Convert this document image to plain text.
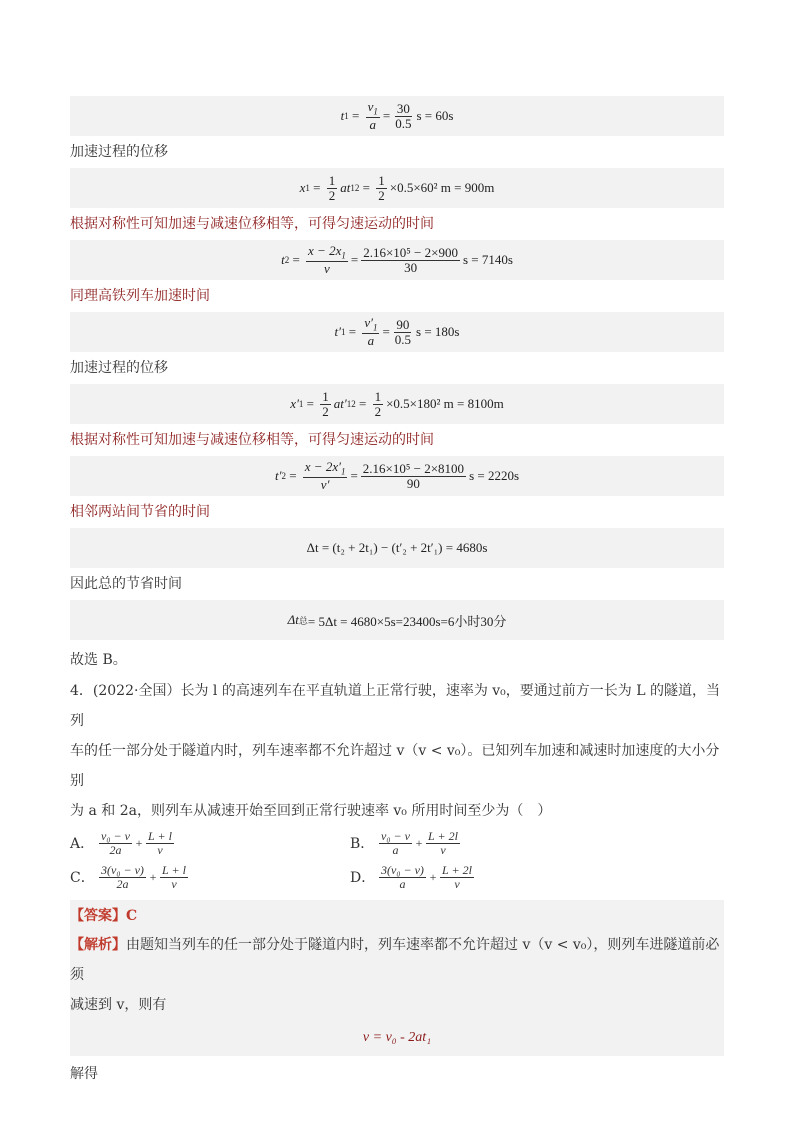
t $1 = \frac{v_1}{a} = \frac{30}{0.5}$ s = 60s
加速过程的位移
x $1 = \frac{1}{2}$ at 1 $2 = \frac{1}{2} \times 0.5\times 60^2$ m = 900m
根据对称性可知加速与减速位移相等，可得匀速运动的时间
t $2 = \frac{x - 2x_1}{v} = \frac{\text{2.16×10⁵ − 2×900}}{30}$ s = 7140s
同理高铁列车加速时间
t′ $1 = \frac{v'_1}{a} = \frac{90}{0.5}$ s = 180s
加速过程的位移
x′ $1 = \frac{1}{2} at'$ 1 $2 = \frac{1}{2} \times 0.5\times 180^2$ m = 8100m
根据对称性可知加速与减速位移相等，可得匀速运动的时间
t′ $2 = \frac{x - 2x'_1}{v'} = \frac{\text{2.16×10⁵ − 2×8100}}{90}$ s = 2220s
相邻两站间节省的时间
Δt = (t₂ + 2t₁) − (t′₂ + 2t′₁) = 4680s
因此总的节省时间
Δt 总 = 5Δt = 4680×5s=23400s=6小时30分
故选 B。
4．(2022·全国）长为 l 的高速列车在平直轨道上正常行驶，速率为 v₀，要通过前方一长为 L 的隧道，当列
车的任一部分处于隧道内时，列车速率都不允许超过 v（v < v₀）。已知列车加速和减速时加速度的大小分别
为 a 和 2a，则列车从减速开始至回到正常行驶速率 v₀ 所用时间至少为（　）
A． $\frac{\text{v₀ − v}}{2a} + \frac{L + l}{v}$	B． $\frac{\text{v₀ − v}}{a} + \frac{L + 2l}{v}$
C． $\frac{\text{3(v₀ − v)}}{2a} + \frac{L + l}{v}$	D． $\frac{\text{3(v₀ − v)}}{a} + \frac{L + 2l}{v}$
【答案】C
【解析】由题知当列车的任一部分处于隧道内时，列车速率都不允许超过 v（v < v₀），则列车进隧道前必须
减速到 v，则有
v = v₀ - 2at₁
解得
